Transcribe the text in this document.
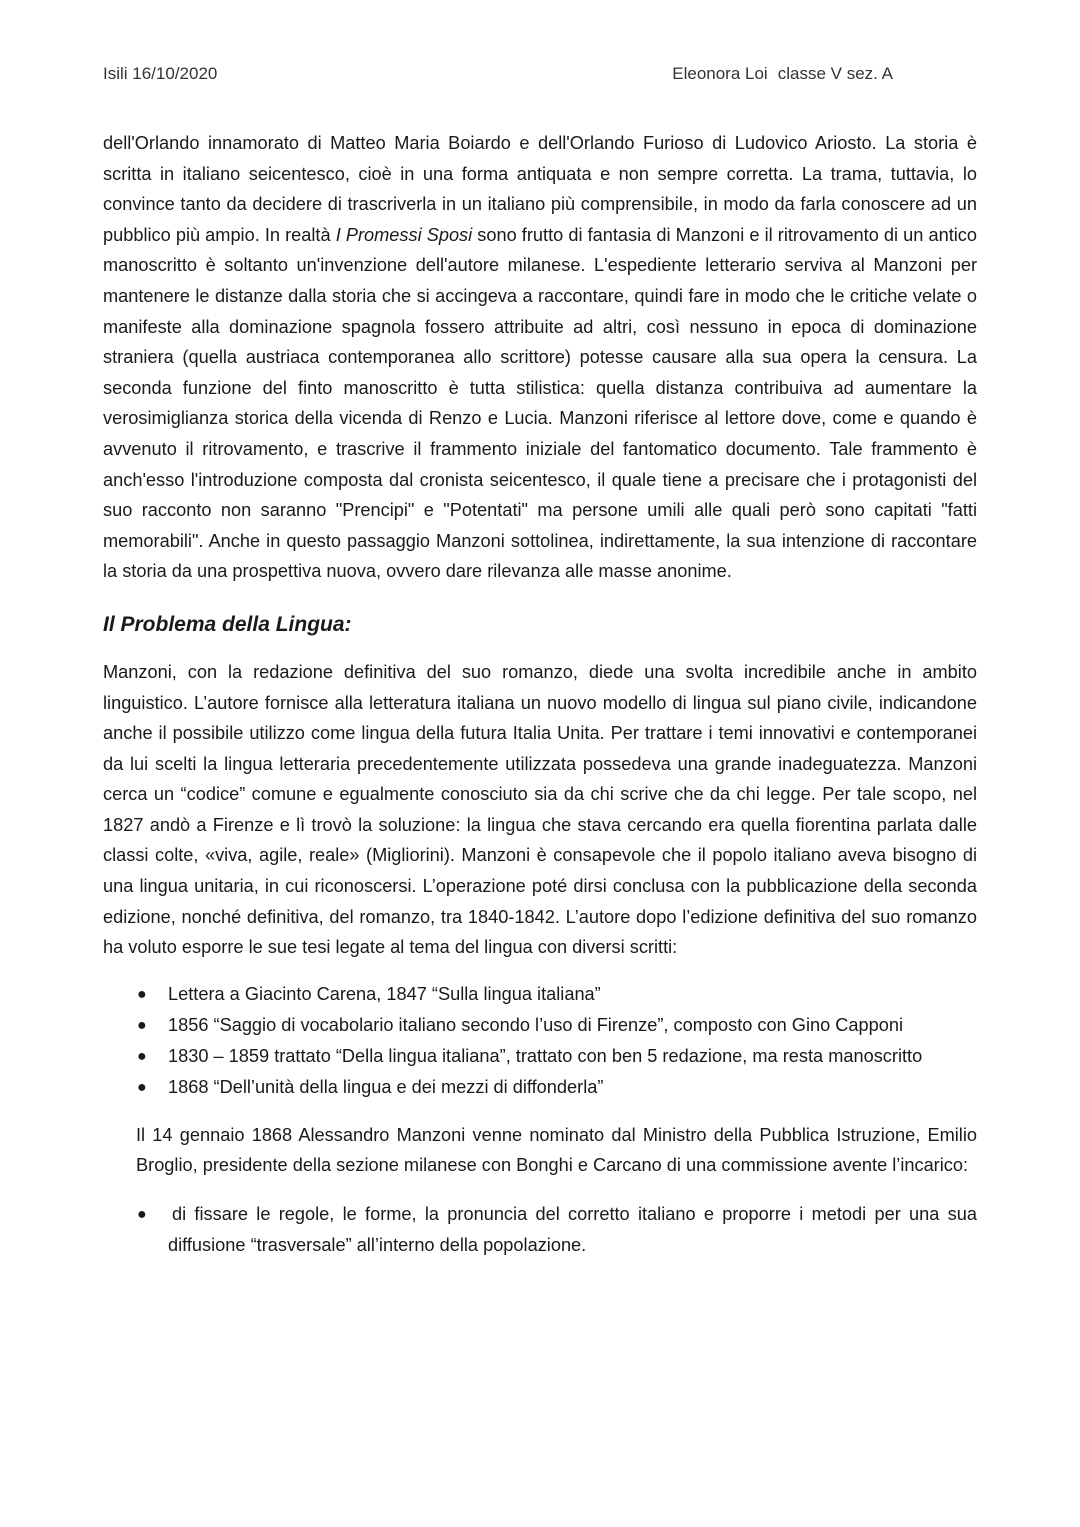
Isili 16/10/2020	Eleonora Loi classe V sez. A

dell'Orlando innamorato di Matteo Maria Boiardo e dell'Orlando Furioso di Ludovico Ariosto. La storia è scritta in italiano seicentesco, cioè in una forma antiquata e non sempre corretta. La trama, tuttavia, lo convince tanto da decidere di trascriverla in un italiano più comprensibile, in modo da farla conoscere ad un pubblico più ampio. In realtà I Promessi Sposi sono frutto di fantasia di Manzoni e il ritrovamento di un antico manoscritto è soltanto un'invenzione dell'autore milanese. L'espediente letterario serviva al Manzoni per mantenere le distanze dalla storia che si accingeva a raccontare, quindi fare in modo che le critiche velate o manifeste alla dominazione spagnola fossero attribuite ad altri, così nessuno in epoca di dominazione straniera (quella austriaca contemporanea allo scrittore) potesse causare alla sua opera la censura. La seconda funzione del finto manoscritto è tutta stilistica: quella distanza contribuiva ad aumentare la verosimiglianza storica della vicenda di Renzo e Lucia. Manzoni riferisce al lettore dove, come e quando è avvenuto il ritrovamento, e trascrive il frammento iniziale del fantomatico documento. Tale frammento è anch'esso l'introduzione composta dal cronista seicentesco, il quale tiene a precisare che i protagonisti del suo racconto non saranno "Prencipi" e "Potentati" ma persone umili alle quali però sono capitati "fatti memorabili". Anche in questo passaggio Manzoni sottolinea, indirettamente, la sua intenzione di raccontare la storia da una prospettiva nuova, ovvero dare rilevanza alle masse anonime.

Il Problema della Lingua:

Manzoni, con la redazione definitiva del suo romanzo, diede una svolta incredibile anche in ambito linguistico. L’autore fornisce alla letteratura italiana un nuovo modello di lingua sul piano civile, indicandone anche il possibile utilizzo come lingua della futura Italia Unita. Per trattare i temi innovativi e contemporanei da lui scelti la lingua letteraria precedentemente utilizzata possedeva una grande inadeguatezza. Manzoni cerca un “codice” comune e egualmente conosciuto sia da chi scrive che da chi legge. Per tale scopo, nel 1827 andò a Firenze e lì trovò la soluzione: la lingua che stava cercando era quella fiorentina parlata dalle classi colte, «viva, agile, reale» (Migliorini). Manzoni è consapevole che il popolo italiano aveva bisogno di una lingua unitaria, in cui riconoscersi. L’operazione poté dirsi conclusa con la pubblicazione della seconda edizione, nonché definitiva, del romanzo, tra 1840-1842. L’autore dopo l’edizione definitiva del suo romanzo ha voluto esporre le sue tesi legate al tema del lingua con diversi scritti:

● Lettera a Giacinto Carena, 1847 “Sulla lingua italiana”
● 1856 “Saggio di vocabolario italiano secondo l’uso di Firenze”, composto con Gino Capponi
● 1830 – 1859 trattato “Della lingua italiana”, trattato con ben 5 redazione, ma resta manoscritto
● 1868 “Dell’unità della lingua e dei mezzi di diffonderla”

Il 14 gennaio 1868 Alessandro Manzoni venne nominato dal Ministro della Pubblica Istruzione, Emilio Broglio, presidente della sezione milanese con Bonghi e Carcano di una commissione avente l’incarico:

● di fissare le regole, le forme, la pronuncia del corretto italiano e proporre i metodi per una sua diffusione “trasversale” all’interno della popolazione.
